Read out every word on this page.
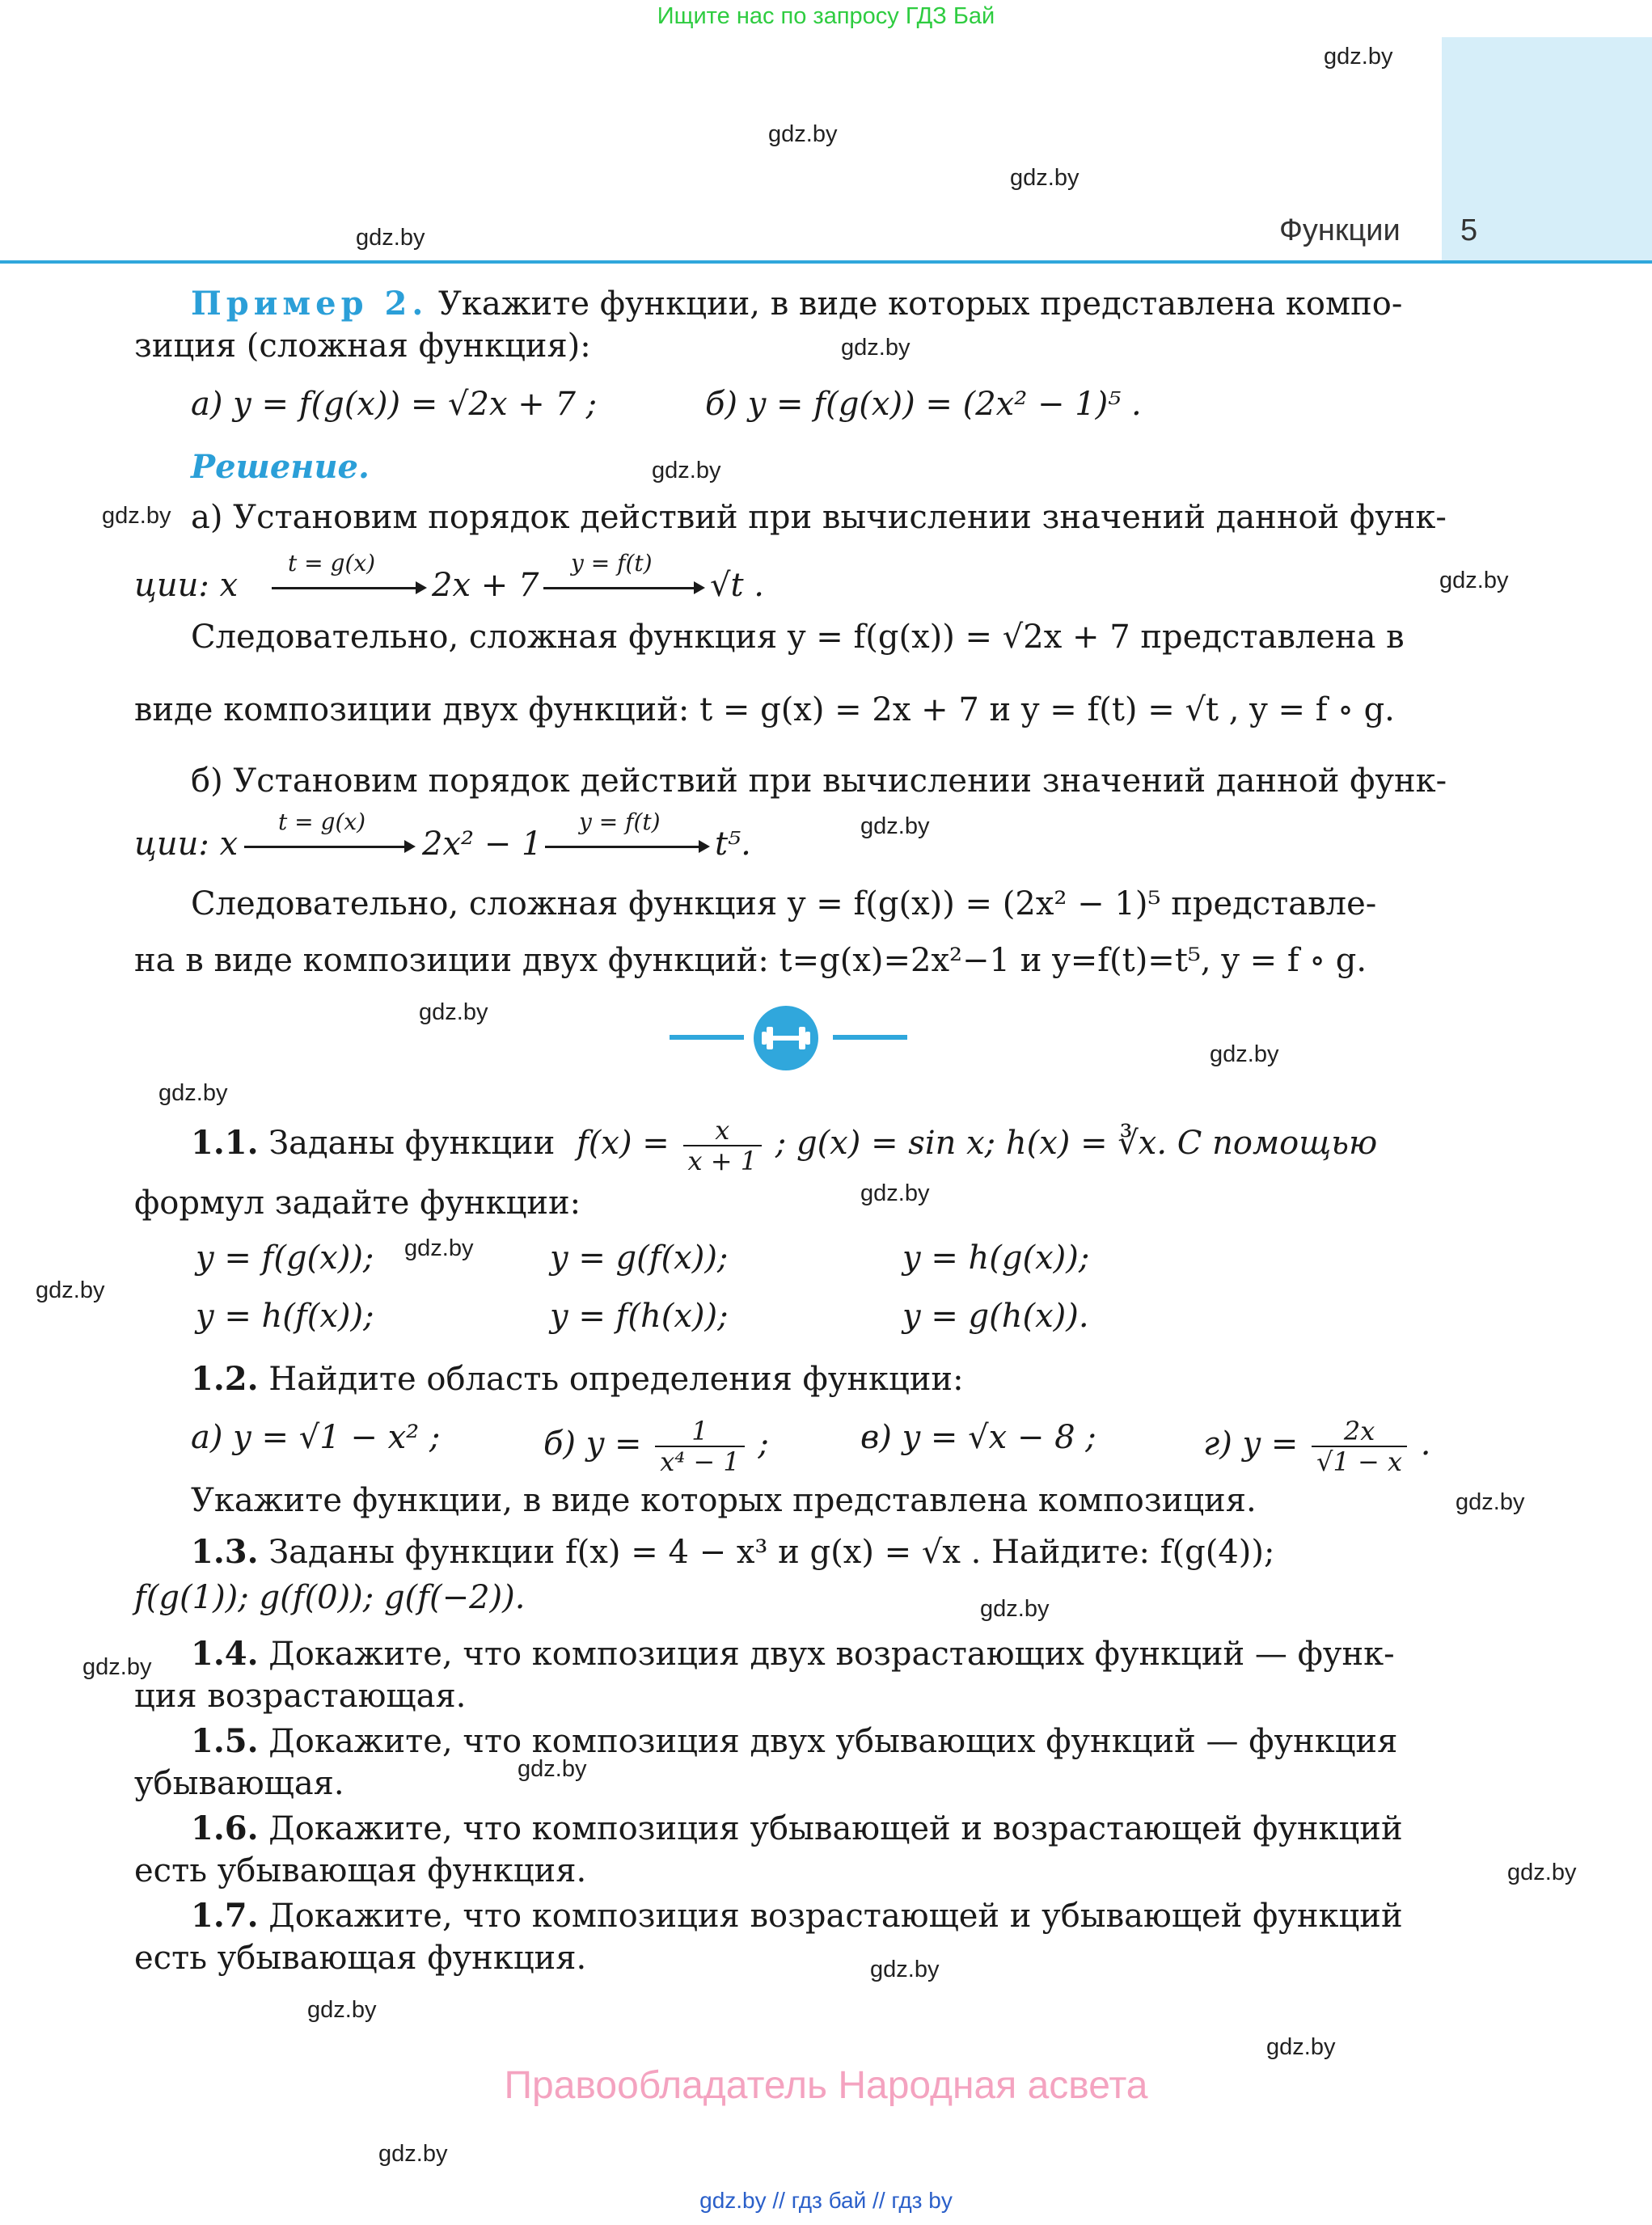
Ищите нас по запросу ГДЗ Бай
Функции 5
gdz.by
gdz.by
gdz.by
gdz.by
gdz.by
gdz.by
gdz.by
gdz.by
gdz.by
gdz.by
gdz.by
gdz.by
gdz.by
gdz.by
gdz.by
gdz.by
gdz.by
gdz.by
gdz.by
gdz.by
gdz.by
gdz.by
gdz.by
gdz.by
Пример 2. Укажите функции, в виде которых представлена компо-
зиция (сложная функция):
а) y = f(g(x)) = √2x + 7 ;	б) y = f(g(x)) = (2x² − 1)⁵ .
Решение.
а) Установим порядок действий при вычислении значений данной функ-
ции: x
t = g(x)
2x + 7
y = f(t)
√t .
Следовательно, сложная функция y = f(g(x)) = √2x + 7 представлена в
виде композиции двух функций: t = g(x) = 2x + 7 и y = f(t) = √t , y = f ∘ g.
б) Установим порядок действий при вычислении значений данной функ-
ции: x
t = g(x)
2x² − 1
y = f(t)
t⁵.
Следовательно, сложная функция y = f(g(x)) = (2x² − 1)⁵ представле-
на в виде композиции двух функций: t=g(x)=2x²−1 и y=f(t)=t⁵, y = f ∘ g.
1.1. Заданы функции $f(x) = \frac{x}{x + 1}$ ; g(x) = sin x; h(x) = ∛x. С помощью
формул задайте функции:
y = f(g(x));	y = g(f(x));	y = h(g(x));
y = h(f(x));	y = f(h(x));	y = g(h(x)).
1.2. Найдите область определения функции:
а) y = √1 − x² ;	б) $y = \frac{1}{\text{x⁴ − 1}}$ ;	в) y = √x − 8 ;	г) $y = \frac{2x}{√1 - x}$ .
Укажите функции, в виде которых представлена композиция.
1.3. Заданы функции f(x) = 4 − x³ и g(x) = √x . Найдите: f(g(4));
f(g(1)); g(f(0)); g(f(−2)).
1.4. Докажите, что композиция двух возрастающих функций — функ-
ция возрастающая.
1.5. Докажите, что композиция двух убывающих функций — функция
убывающая.
1.6. Докажите, что композиция убывающей и возрастающей функций
есть убывающая функция.
1.7. Докажите, что композиция возрастающей и убывающей функций
есть убывающая функция.
Правообладатель Народная асвета
gdz.by // гдз бай // гдз by
